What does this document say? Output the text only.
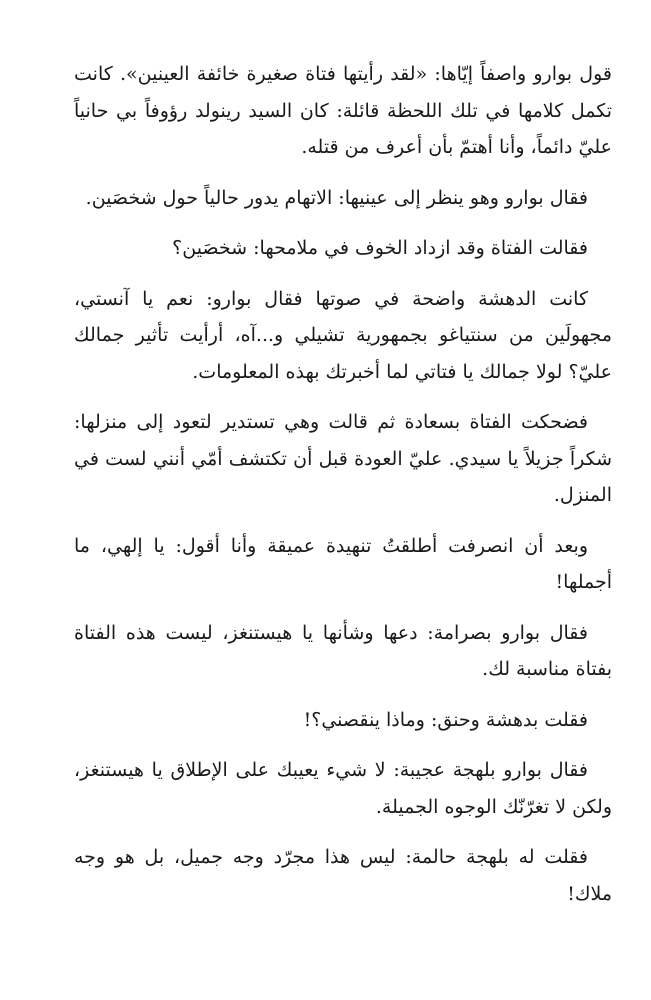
قول بوارو واصفاً إيّاها: «لقد رأيتها فتاة صغيرة خائفة العينين». كانت تكمل كلامها في تلك اللحظة قائلة: كان السيد رينولد رؤوفاً بي حانياً عليّ دائماً، وأنا أهتمّ بأن أعرف من قتله.

فقال بوارو وهو ينظر إلى عينيها: الاتهام يدور حالياً حول شخصَين.

فقالت الفتاة وقد ازداد الخوف في ملامحها: شخصَين؟

كانت الدهشة واضحة في صوتها فقال بوارو: نعم يا آنستي، مجهولَين من سنتياغو بجمهورية تشيلي و...آه، أرأيت تأثير جمالك عليّ؟ لولا جمالك يا فتاتي لما أخبرتك بهذه المعلومات.

فضحكت الفتاة بسعادة ثم قالت وهي تستدير لتعود إلى منزلها: شكراً جزيلاً يا سيدي. عليّ العودة قبل أن تكتشف أمّي أنني لست في المنزل.

وبعد أن انصرفت أطلقتُ تنهيدة عميقة وأنا أقول: يا إلهي، ما أجملها!

فقال بوارو بصرامة: دعها وشأنها يا هيستنغز، ليست هذه الفتاة بفتاة مناسبة لك.

فقلت بدهشة وحنق: وماذا ينقصني؟!

فقال بوارو بلهجة عجيبة: لا شيء يعيبك على الإطلاق يا هيستنغز، ولكن لا تغرّنّك الوجوه الجميلة.

فقلت له بلهجة حالمة: ليس هذا مجرّد وجه جميل، بل هو وجه ملاك!
